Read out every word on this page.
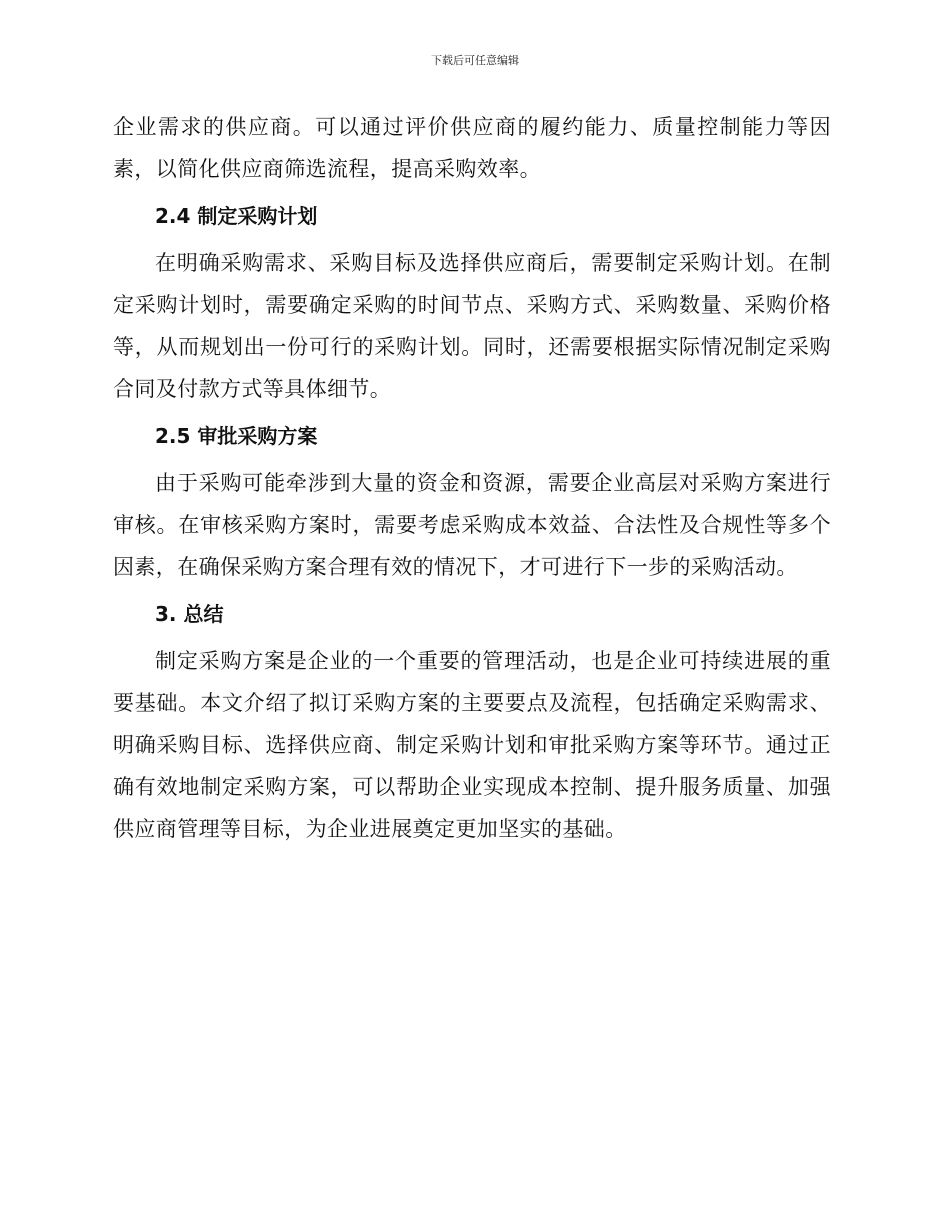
下载后可任意编辑

企业需求的供应商。可以通过评价供应商的履约能力、质量控制能力等因素，以简化供应商筛选流程，提高采购效率。

2.4 制定采购计划

在明确采购需求、采购目标及选择供应商后，需要制定采购计划。在制定采购计划时，需要确定采购的时间节点、采购方式、采购数量、采购价格等，从而规划出一份可行的采购计划。同时，还需要根据实际情况制定采购合同及付款方式等具体细节。

2.5 审批采购方案

由于采购可能牵涉到大量的资金和资源，需要企业高层对采购方案进行审核。在审核采购方案时，需要考虑采购成本效益、合法性及合规性等多个因素，在确保采购方案合理有效的情况下，才可进行下一步的采购活动。

3. 总结

制定采购方案是企业的一个重要的管理活动，也是企业可持续进展的重要基础。本文介绍了拟订采购方案的主要要点及流程，包括确定采购需求、明确采购目标、选择供应商、制定采购计划和审批采购方案等环节。通过正确有效地制定采购方案，可以帮助企业实现成本控制、提升服务质量、加强供应商管理等目标，为企业进展奠定更加坚实的基础。
